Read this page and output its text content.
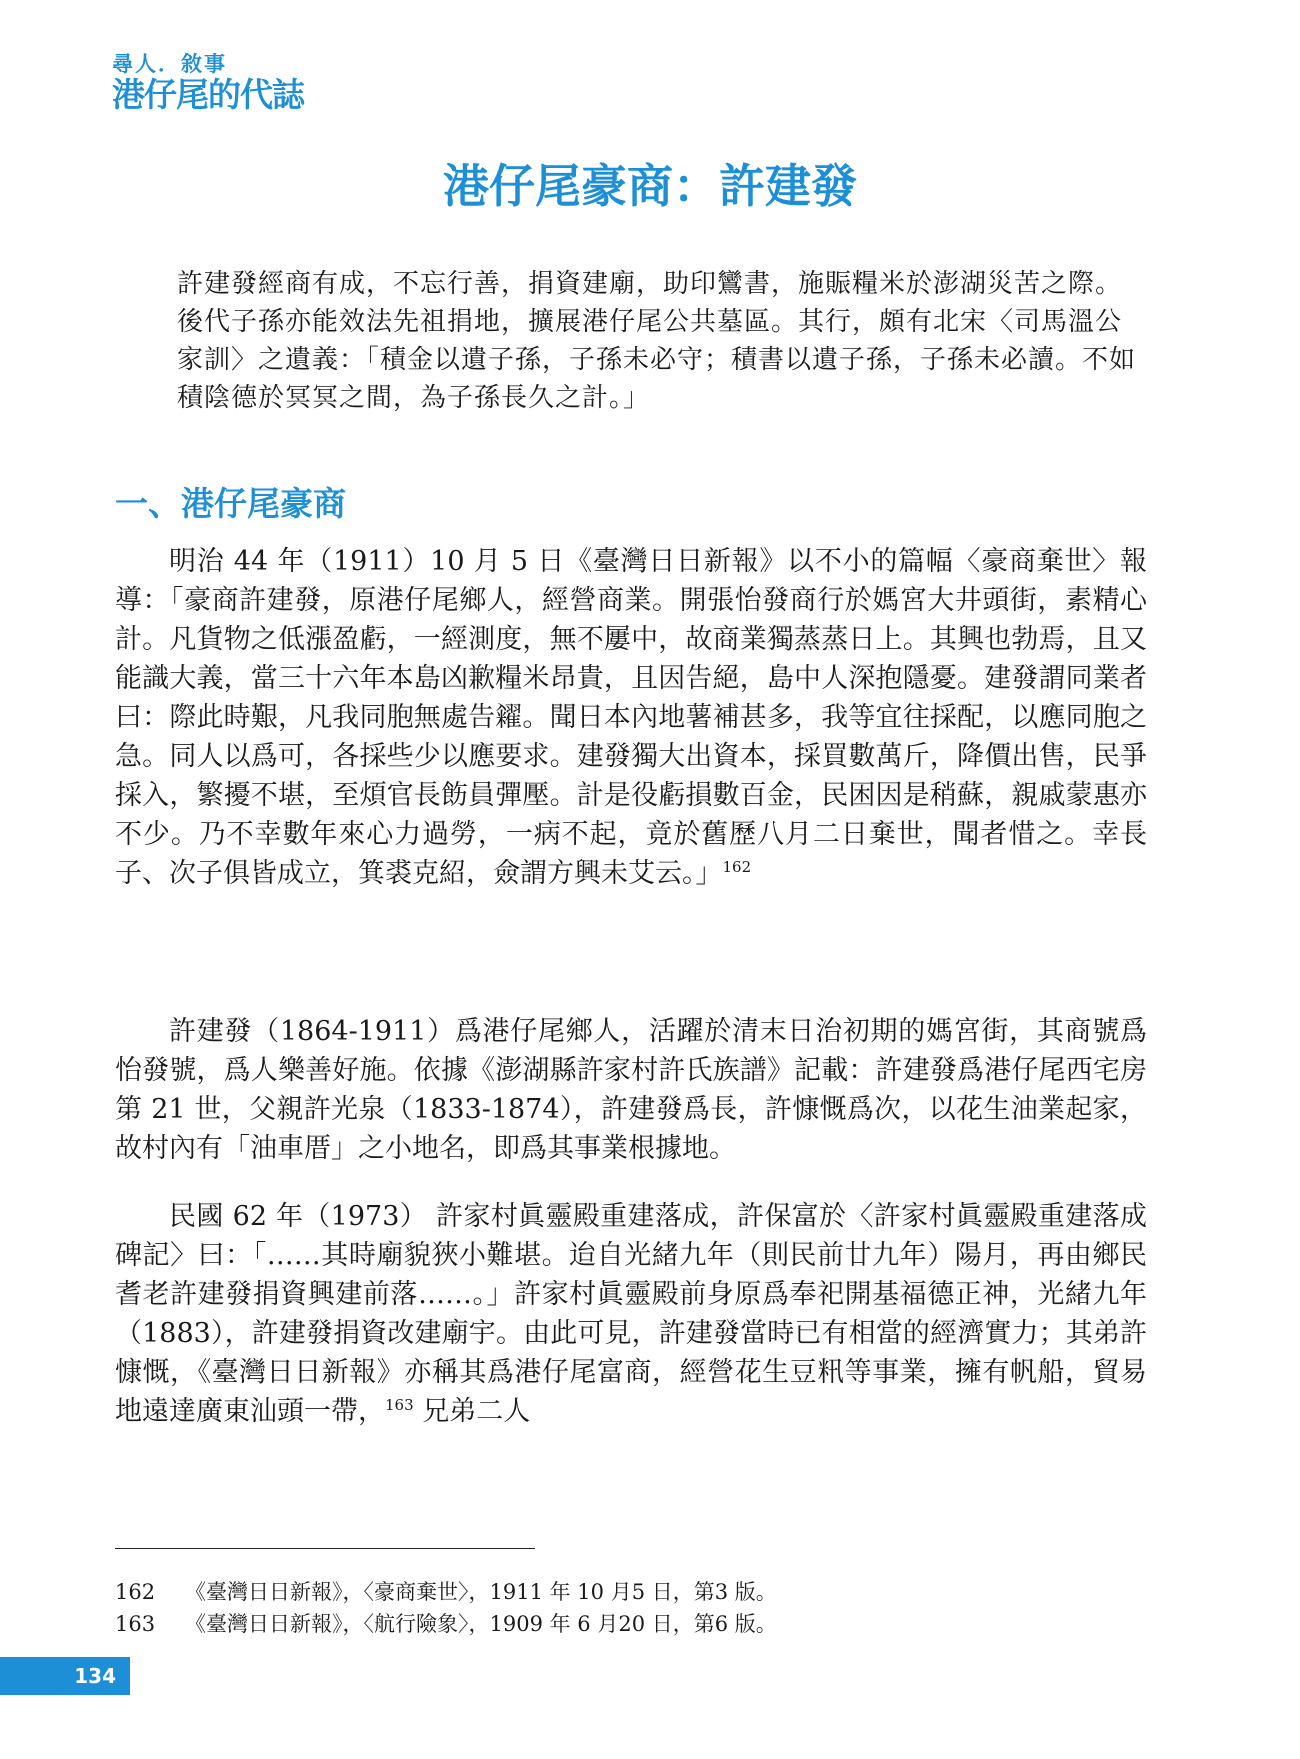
尋人．敘事
港仔尾的代誌
港仔尾豪商：許建發

許建發經商有成，不忘行善，捐資建廟，助印鸞書，施賑糧米於澎湖災苦之際。後代子孫亦能效法先祖捐地，擴展港仔尾公共墓區。其行，頗有北宋〈司馬溫公家訓〉之遺義：「積金以遺子孫，子孫未必守；積書以遺子孫，子孫未必讀。不如積陰德於冥冥之間，為子孫長久之計。」

一、港仔尾豪商

明治 44 年（1911）10 月 5 日《臺灣日日新報》以不小的篇幅〈豪商棄世〉報導：「豪商許建發，原港仔尾鄉人，經營商業。開張怡發商行於媽宮大井頭街，素精心計。凡貨物之低漲盈虧，一經測度，無不屢中，故商業獨蒸蒸日上。其興也勃焉，且又能識大義，當三十六年本島凶歉糧米昂貴，且因告絕，島中人深抱隱憂。建發謂同業者曰：際此時艱，凡我同胞無處告糴。聞日本內地薯補甚多，我等宜往採配，以應同胞之急。同人以爲可，各採些少以應要求。建發獨大出資本，採買數萬斤，降價出售，民爭採入，繁擾不堪，至煩官長飭員彈壓。計是役虧損數百金，民困因是稍蘇，親戚蒙惠亦不少。乃不幸數年來心力過勞，一病不起，竟於舊歷八月二日棄世，聞者惜之。幸長子、次子俱皆成立，箕裘克紹，僉謂方興未艾云。」$^{162}$

許建發（1864-1911）爲港仔尾鄉人，活躍於清末日治初期的媽宮街，其商號爲怡發號，爲人樂善好施。依據《澎湖縣許家村許氏族譜》記載：許建發爲港仔尾西宅房第 21 世，父親許光泉（1833-1874），許建發爲長，許慷慨爲次，以花生油業起家，故村內有「油車厝」之小地名，即爲其事業根據地。

民國 62 年（1973） 許家村眞靈殿重建落成，許保富於〈許家村眞靈殿重建落成碑記〉曰：「……其時廟貌狹小難堪。迨自光緒九年（則民前廿九年）陽月，再由鄉民耆老許建發捐資興建前落……。」許家村眞靈殿前身原爲奉祀開基福德正神，光緒九年（1883），許建發捐資改建廟宇。由此可見，許建發當時已有相當的經濟實力；其弟許慷慨，《臺灣日日新報》亦稱其爲港仔尾富商，經營花生豆籸等事業，擁有帆船，貿易地遠達廣東汕頭一帶，$^{163}$ 兄弟二人

162 《臺灣日日新報》，〈豪商棄世〉，1911 年 10 月5 日，第3 版。

163 《臺灣日日新報》，〈航行險象〉，1909 年 6 月20 日，第6 版。

134
